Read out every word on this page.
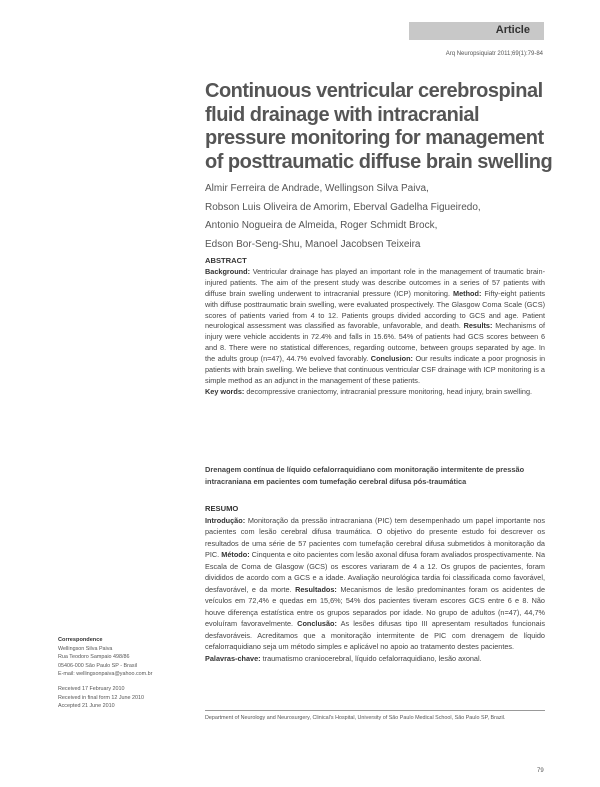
Article
Arq Neuropsiquiatr 2011;69(1):79-84
Continuous ventricular cerebrospinal fluid drainage with intracranial pressure monitoring for management of posttraumatic diffuse brain swelling
Almir Ferreira de Andrade, Wellingson Silva Paiva,
Robson Luis Oliveira de Amorim, Eberval Gadelha Figueiredo,
Antonio Nogueira de Almeida, Roger Schmidt Brock,
Edson Bor-Seng-Shu, Manoel Jacobsen Teixeira
ABSTRACT

Background: Ventricular drainage has played an important role in the management of traumatic brain-injured patients. The aim of the present study was describe outcomes in a series of 57 patients with diffuse brain swelling underwent to intracranial pressure (ICP) monitoring. Method: Fifty-eight patients with diffuse posttraumatic brain swelling, were evaluated prospectively. The Glasgow Coma Scale (GCS) scores of patients varied from 4 to 12. Patients groups divided according to GCS and age. Patient neurological assessment was classified as favorable, unfavorable, and death. Results: Mechanisms of injury were vehicle accidents in 72.4% and falls in 15.6%. 54% of patients had GCS scores between 6 and 8. There were no statistical differences, regarding outcome, between groups separated by age. In the adults group (n=47), 44.7% evolved favorably. Conclusion: Our results indicate a poor prognosis in patients with brain swelling. We believe that continuous ventricular CSF drainage with ICP monitoring is a simple method as an adjunct in the management of these patients.

Key words: decompressive craniectomy, intracranial pressure monitoring, head injury, brain swelling.

Drenagem contínua de líquido cefalorraquidiano com monitoração intermitente de pressão intracraniana em pacientes com tumefação cerebral difusa pós-traumática
RESUMO

Introdução: Monitoração da pressão intracraniana (PIC) tem desempenhado um papel importante nos pacientes com lesão cerebral difusa traumática. O objetivo do presente estudo foi descrever os resultados de uma série de 57 pacientes com tumefação cerebral difusa submetidos à monitoração da PIC. Método: Cinquenta e oito pacientes com lesão axonal difusa foram avaliados prospectivamente. Na Escala de Coma de Glasgow (GCS) os escores variaram de 4 a 12. Os grupos de pacientes, foram divididos de acordo com a GCS e a idade. Avaliação neurológica tardia foi classificada como favorável, desfavorável, e da morte. Resultados: Mecanismos de lesão predominantes foram os acidentes de veículos em 72,4% e quedas em 15,6%; 54% dos pacientes tiveram escores GCS entre 6 e 8. Não houve diferença estatística entre os grupos separados por idade. No grupo de adultos (n=47), 44,7% evoluíram favoravelmente. Conclusão: As lesões difusas tipo III apresentam resultados funcionais desfavoráveis. Acreditamos que a monitoração intermitente de PIC com drenagem de líquido cefalorraquidiano seja um método simples e aplicável no apoio ao tratamento destes pacientes.

Palavras-chave: traumatismo craniocerebral, líquido cefalorraquidiano, lesão axonal.

Correspondence
Wellingson Silva Paiva
Rua Teodoro Sampaio 498/86
05406-000 São Paulo SP - Brasil
E-mail: wellingsonpaiva@yahoo.com.br
Received 17 February 2010
Received in final form 12 June 2010
Accepted 21 June 2010
Department of Neurology and Neurosurgery, Clinical's Hospital, University of São Paulo Medical School, São Paulo SP, Brazil.
79
